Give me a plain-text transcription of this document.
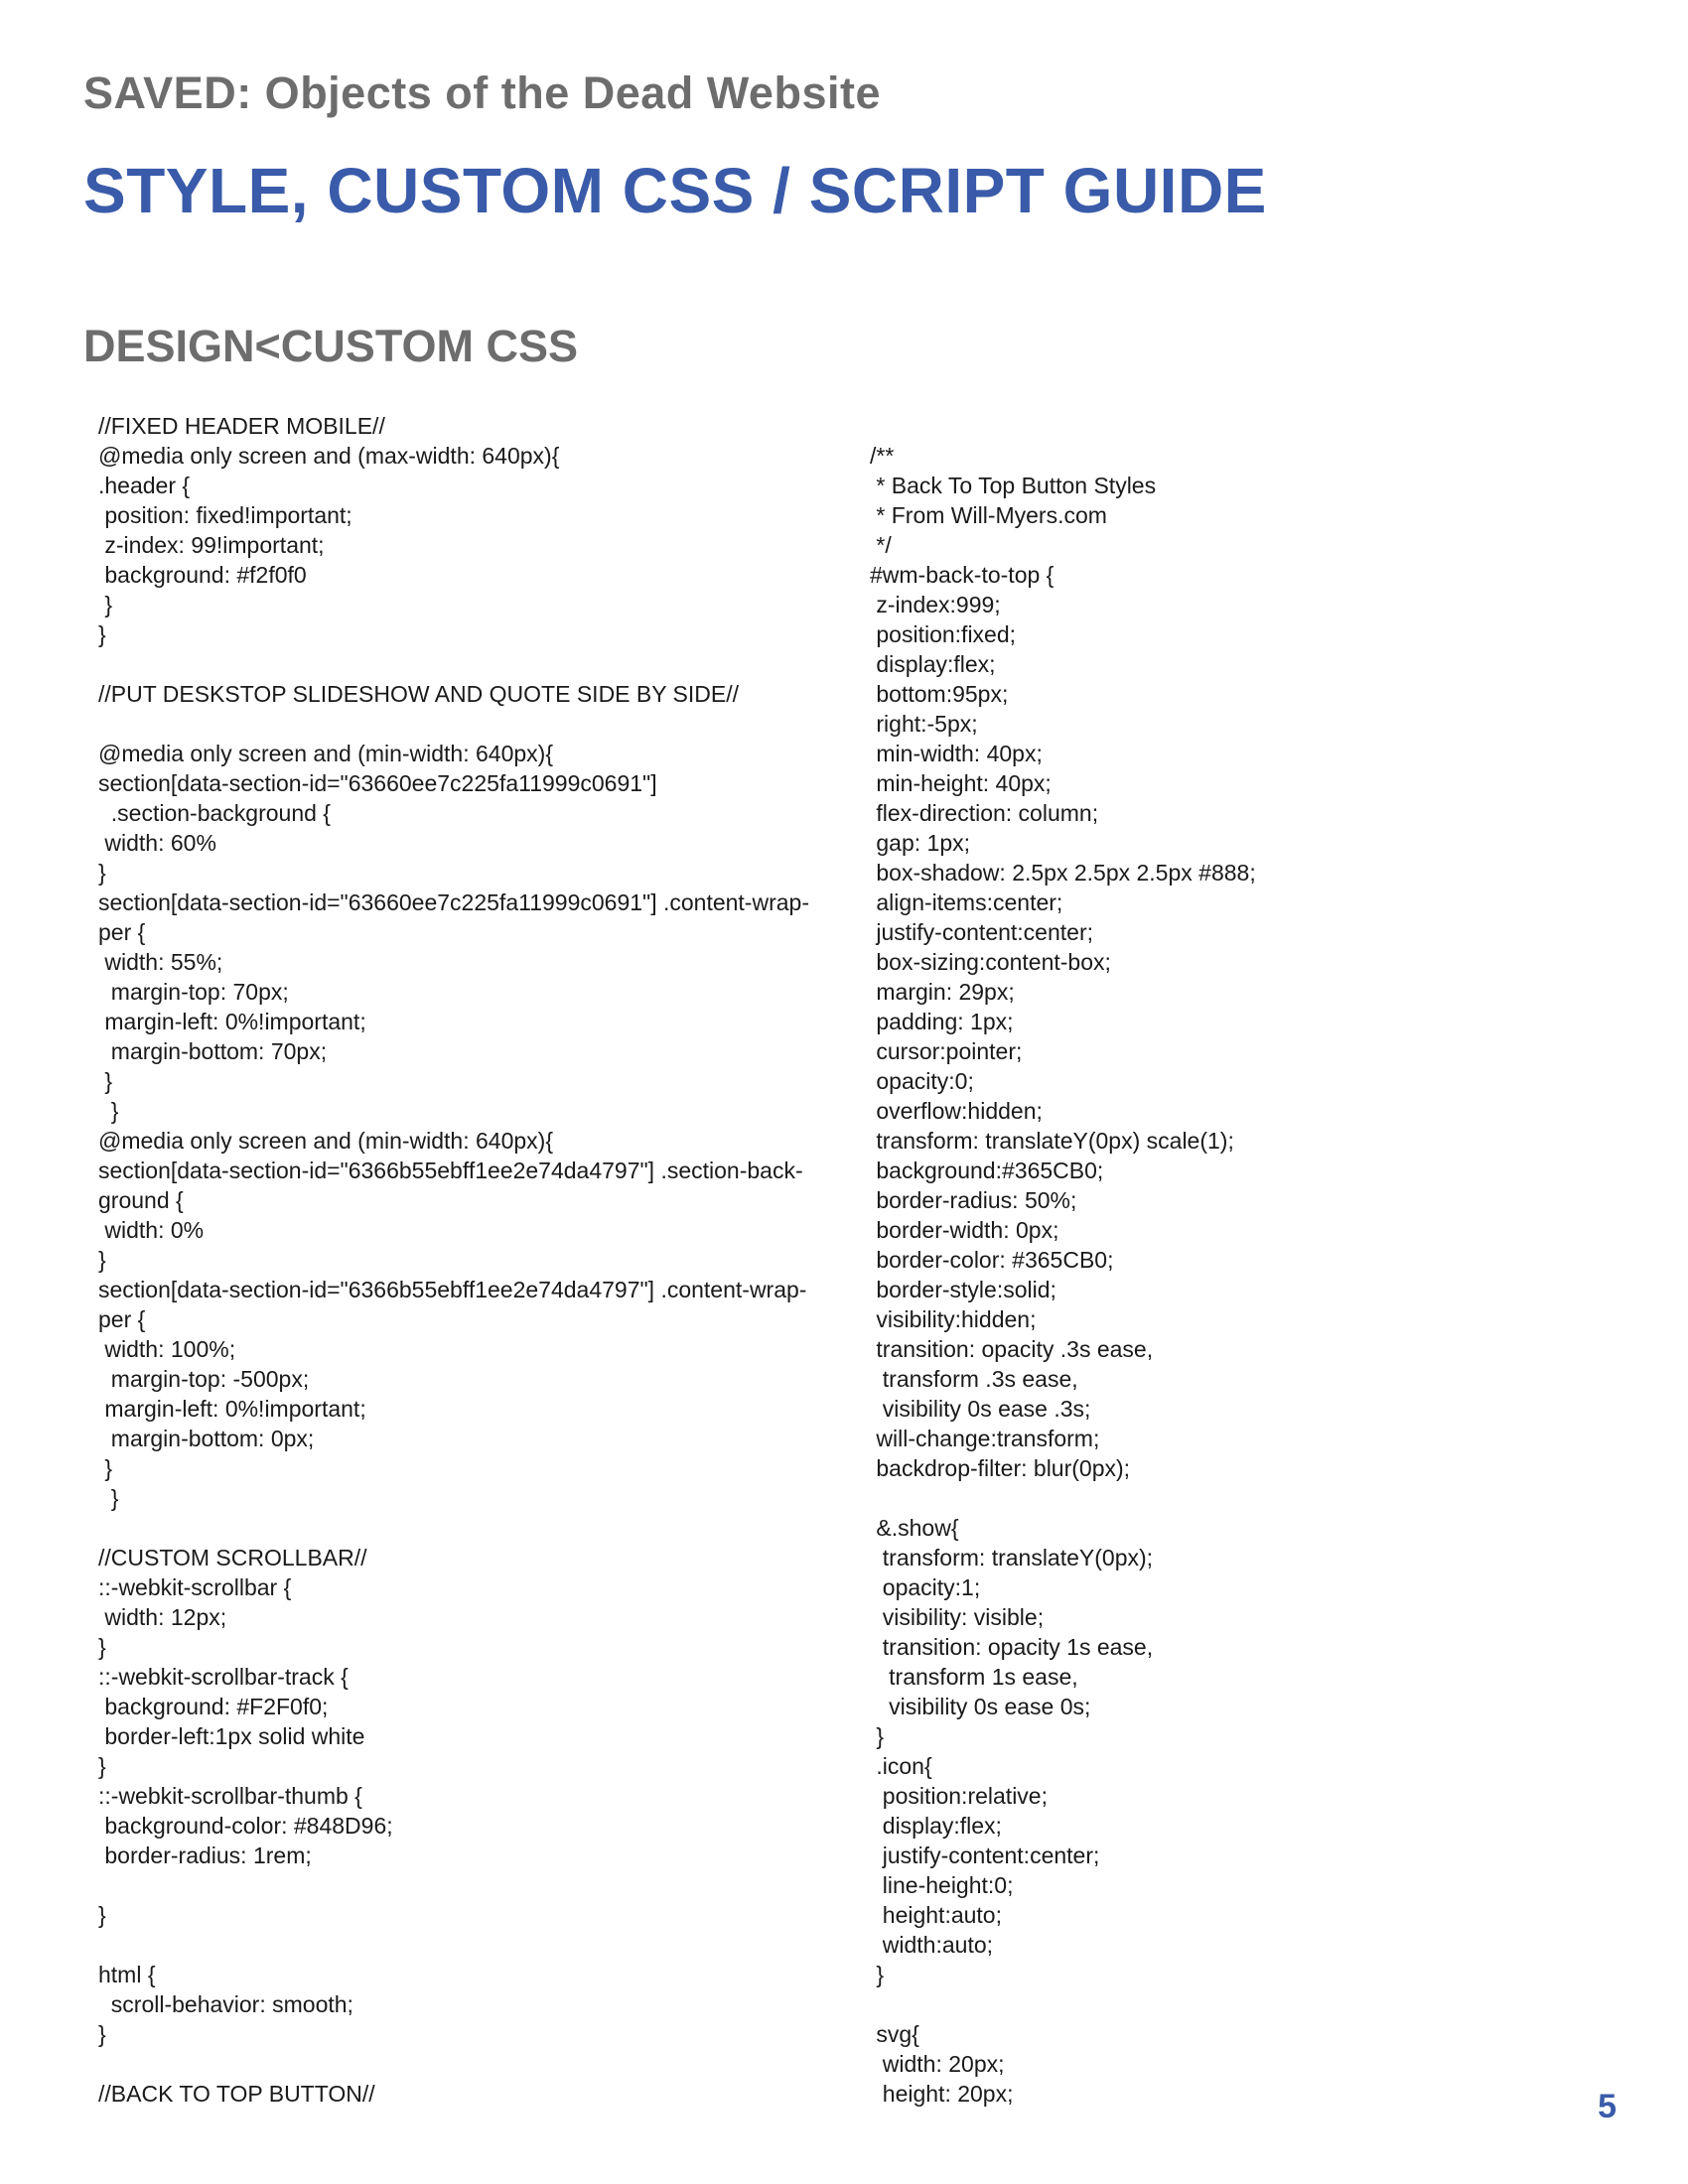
SAVED: Objects of the Dead Website
STYLE, CUSTOM CSS / SCRIPT GUIDE
DESIGN<CUSTOM CSS
//FIXED HEADER MOBILE//
@media only screen and (max-width: 640px){
.header {
position: fixed!important;
z-index: 99!important;
background: #f2f0f0
}
}

//PUT DESKSTOP SLIDESHOW AND QUOTE SIDE BY SIDE//

@media only screen and (min-width: 640px){
section[data-section-id="63660ee7c225fa11999c0691"]
.section-background {
width: 60%
}
section[data-section-id="63660ee7c225fa11999c0691"] .content-wrap-
per {
width: 55%;
margin-top: 70px;
margin-left: 0%!important;
margin-bottom: 70px;
}
}
@media only screen and (min-width: 640px){
section[data-section-id="6366b55ebff1ee2e74da4797"] .section-back-
ground {
width: 0%
}
section[data-section-id="6366b55ebff1ee2e74da4797"] .content-wrap-
per {
width: 100%;
margin-top: -500px;
margin-left: 0%!important;
margin-bottom: 0px;
}
}

//CUSTOM SCROLLBAR//
::-webkit-scrollbar {
width: 12px;
}
::-webkit-scrollbar-track {
background: #F2F0f0;
border-left:1px solid white
}
::-webkit-scrollbar-thumb {
background-color: #848D96;
border-radius: 1rem;

}

html {
scroll-behavior: smooth;
}

//BACK TO TOP BUTTON//
/**
* Back To Top Button Styles
* From Will-Myers.com
*/
#wm-back-to-top {
z-index:999;
position:fixed;
display:flex;
bottom:95px;
right:-5px;
min-width: 40px;
min-height: 40px;
flex-direction: column;
gap: 1px;
box-shadow: 2.5px 2.5px 2.5px #888;
align-items:center;
justify-content:center;
box-sizing:content-box;
margin: 29px;
padding: 1px;
cursor:pointer;
opacity:0;
overflow:hidden;
transform: translateY(0px) scale(1);
background:#365CB0;
border-radius: 50%;
border-width: 0px;
border-color: #365CB0;
border-style:solid;
visibility:hidden;
transition: opacity .3s ease,
transform .3s ease,
visibility 0s ease .3s;
will-change:transform;
backdrop-filter: blur(0px);

&.show{
transform: translateY(0px);
opacity:1;
visibility: visible;
transition: opacity 1s ease,
transform 1s ease,
visibility 0s ease 0s;
}
.icon{
position:relative;
display:flex;
justify-content:center;
line-height:0;
height:auto;
width:auto;
}

svg{
width: 20px;
height: 20px;	5
